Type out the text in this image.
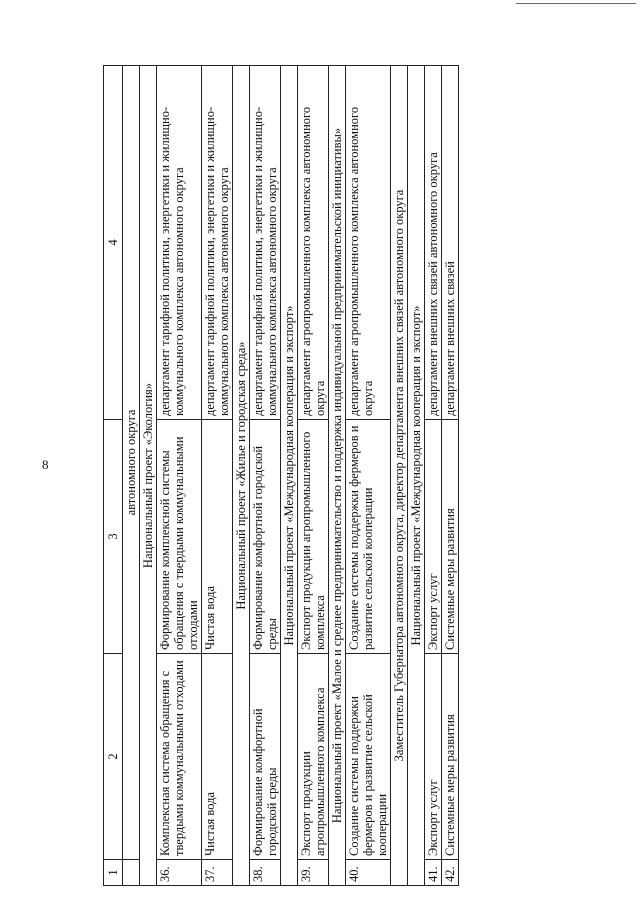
8
1	2	3	4
	автономного округа		
Национальный проект «Экология»			
36.	Комплексная система обращения с твердыми коммунальными отходами	Формирование комплексной системы обращения с твердыми коммунальными отходами	департамент тарифной политики, энергетики и жилищно-коммунального комплекса автономного округа
37.	Чистая вода	Чистая вода	департамент тарифной политики, энергетики и жилищно-коммунального комплекса автономного округа
Национальный проект «Жилье и городская среда»			
38.	Формирование комфортной городской среды	Формирование комфортной городской среды	департамент тарифной политики, энергетики и жилищно-коммунального комплекса автономного округа
Национальный проект «Международная кооперация и экспорт»			
39.	Экспорт продукции агропромышленного комплекса	Экспорт продукции агропромышленного комплекса	департамент агропромышленного комплекса автономного округа
Национальный проект «Малое и среднее предпринимательство и поддержка индивидуальной предпринимательской инициативы»			
40.	Создание системы поддержки фермеров и развитие сельской кооперации	Создание системы поддержки фермеров и развитие сельской кооперации	департамент агропромышленного комплекса автономного округа
Заместитель Губернатора автономного округа, директор департамента внешних связей автономного округа			
Национальный проект «Международная кооперация и экспорт»			
41.	Экспорт услуг	Экспорт услуг	департамент внешних связей автономного округа
42.	Системные меры развития	Системные меры развития	департамент внешних связей
